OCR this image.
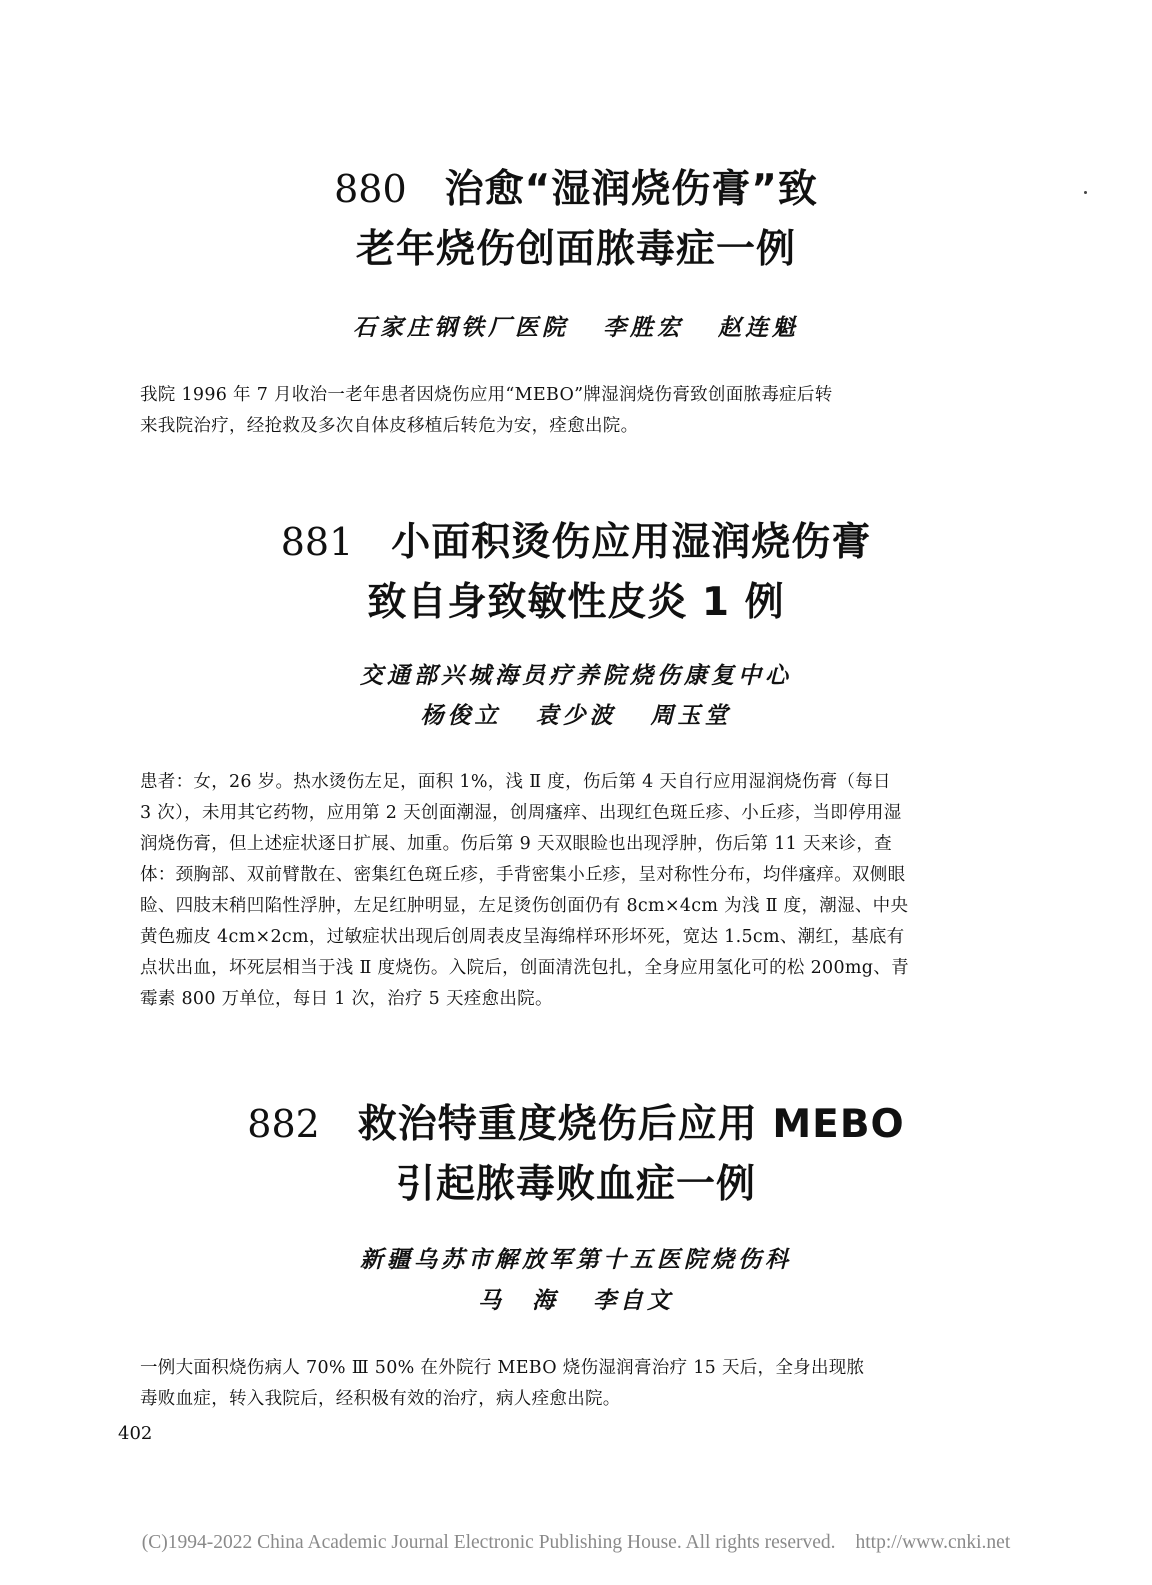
880 治愈“湿润烧伤膏”致
老年烧伤创面脓毒症一例
石家庄钢铁厂医院 李胜宏 赵连魁
我院 1996 年 7 月收治一老年患者因烧伤应用“MEBO”牌湿润烧伤膏致创面脓毒症后转
来我院治疗，经抢救及多次自体皮移植后转危为安，痊愈出院。
881 小面积烫伤应用湿润烧伤膏
致自身致敏性皮炎 1 例
交通部兴城海员疗养院烧伤康复中心
杨俊立 袁少波 周玉堂
患者：女，26 岁。热水烫伤左足，面积 1%，浅 Ⅱ 度，伤后第 4 天自行应用湿润烧伤膏（每日
3 次），未用其它药物，应用第 2 天创面潮湿，创周瘙痒、出现红色斑丘疹、小丘疹，当即停用湿
润烧伤膏，但上述症状逐日扩展、加重。伤后第 9 天双眼睑也出现浮肿，伤后第 11 天来诊，查
体：颈胸部、双前臂散在、密集红色斑丘疹，手背密集小丘疹，呈对称性分布，均伴瘙痒。双侧眼
睑、四肢末稍凹陷性浮肿，左足红肿明显，左足烫伤创面仍有 8cm×4cm 为浅 Ⅱ 度，潮湿、中央
黄色痂皮 4cm×2cm，过敏症状出现后创周表皮呈海绵样环形坏死，宽达 1.5cm、潮红，基底有
点状出血，坏死层相当于浅 Ⅱ 度烧伤。入院后，创面清洗包扎，全身应用氢化可的松 200mg、青
霉素 800 万单位，每日 1 次，治疗 5 天痊愈出院。
882 救治特重度烧伤后应用 MEBO
引起脓毒败血症一例
新疆乌苏市解放军第十五医院烧伤科
马　海 李自文
一例大面积烧伤病人 70% Ⅲ 50% 在外院行 MEBO 烧伤湿润膏治疗 15 天后，全身出现脓
毒败血症，转入我院后，经积极有效的治疗，病人痊愈出院。
402
(C)1994-2022 China Academic Journal Electronic Publishing House. All rights reserved. http://www.cnki.net
